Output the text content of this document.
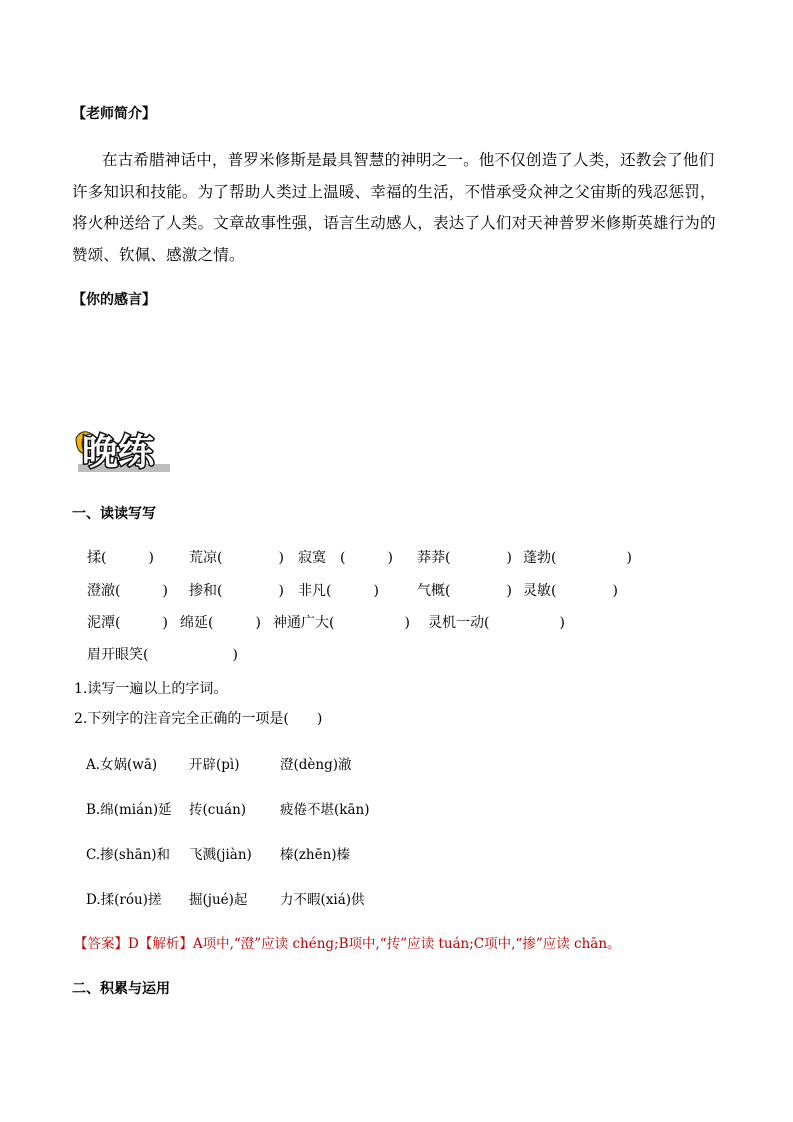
【老师简介】
在古希腊神话中，普罗米修斯是最具智慧的神明之一。他不仅创造了人类，还教会了他们
许多知识和技能。为了帮助人类过上温暖、幸福的生活，不惜承受众神之父宙斯的残忍惩罚，
将火种送给了人类。文章故事性强，语言生动感人，表达了人们对天神普罗米修斯英雄行为的
赞颂、钦佩、感激之情。
【你的感言】
晚练
一、读读写写
揉(　　　)	荒凉(　　　　) 寂寞　(　　　) 莽莽(　　　　) 蓬勃(　　　　　)
澄澈(　　　) 掺和(　　　　) 非凡(　　　)	气概(　　　　) 灵敏(　　　　)
泥潭(　　　) 绵延(　　　) 神通广大(　　　　　) 灵机一动(　　　　　)
眉开眼笑(　　　　　　)
1.读写一遍以上的字词。
2.下列字的注音完全正确的一项是(　　)
A.女娲(wā) 开辟(pì)	澄(dèng)澈
B.绵(mián)延 抟(cuán)	疲倦不堪(kān)
C.掺(shān)和 飞溅(jiàn) 榛(zhēn)榛
D.揉(róu)搓 掘(jué)起 力不暇(xiá)供
【答案】D【解析】A项中,“澄”应读 chéng;B项中,“抟”应读 tuán;C项中,“掺”应读 chān。
二、积累与运用
